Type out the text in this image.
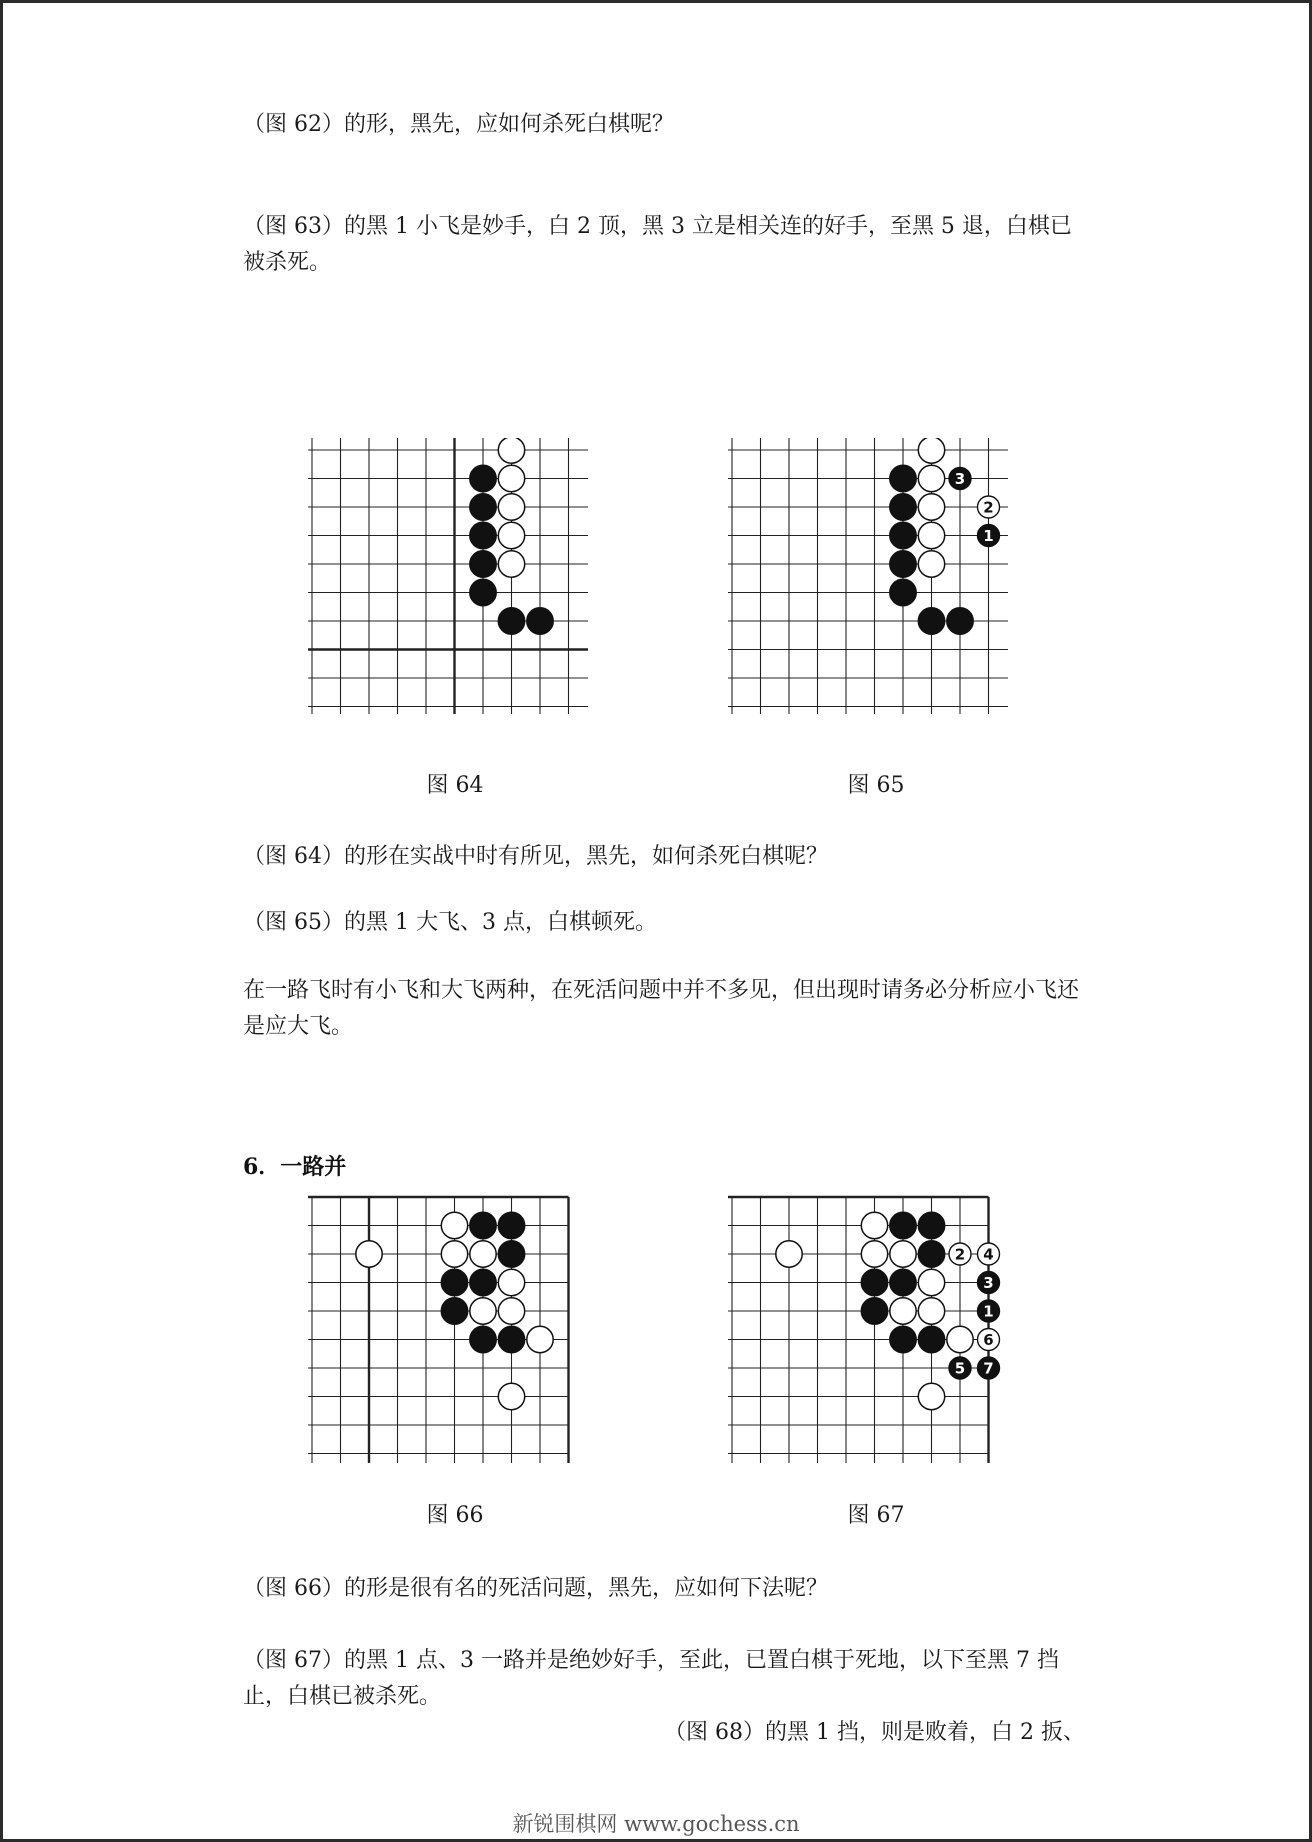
（图 62）的形，黑先，应如何杀死白棋呢？

（图 63）的黑 1 小飞是妙手，白 2 顶，黑 3 立是相关连的好手，至黑 5 退，白棋已被杀死。

图 64
3
2
1
图 65

（图 64）的形在实战中时有所见，黑先，如何杀死白棋呢？

（图 65）的黑 1 大飞、3 点，白棋顿死。

在一路飞时有小飞和大飞两种，在死活问题中并不多见，但出现时请务必分析应小飞还是应大飞。

6．一路并

图 66
2 4
3
1
6
5 7
图 67

（图 66）的形是很有名的死活问题，黑先，应如何下法呢？

（图 67）的黑 1 点、3 一路并是绝妙好手，至此，已置白棋于死地，以下至黑 7 挡止，白棋已被杀死。

（图 68）的黑 1 挡，则是败着，白 2 扳、

新锐围棋网 www.gochess.cn
